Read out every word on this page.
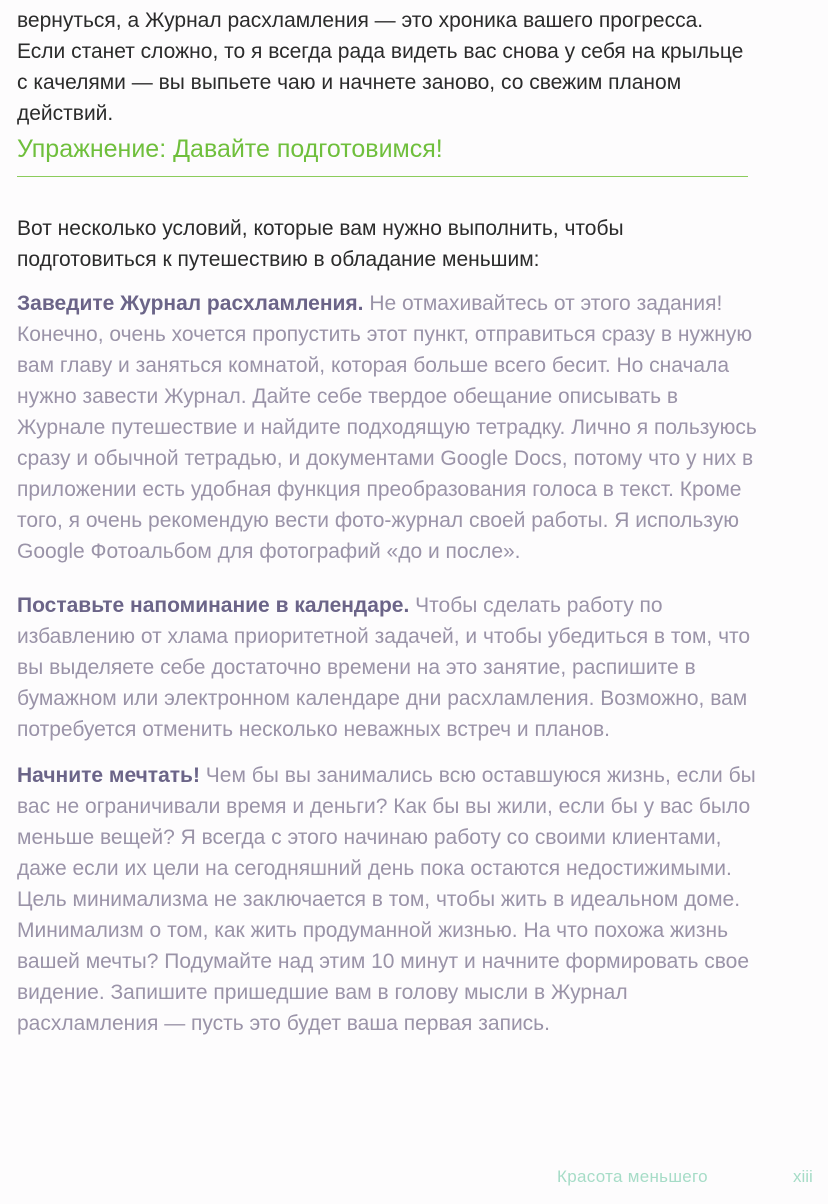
вернуться, а Журнал расхламления — это хроника вашего прогресса. Если станет сложно, то я всегда рада видеть вас снова у себя на крыльце с качелями — вы выпьете чаю и начнете заново, со свежим планом действий.

Упражнение: Давайте подготовимся!

Вот несколько условий, которые вам нужно выполнить, чтобы подготовиться к путешествию в обладание меньшим:

Заведите Журнал расхламления. Не отмахивайтесь от этого задания! Конечно, очень хочется пропустить этот пункт, отправиться сразу в нужную вам главу и заняться комнатой, которая больше всего бесит. Но сначала нужно завести Журнал. Дайте себе твердое обещание описывать в Журнале путешествие и найдите подходящую тетрадку. Лично я пользуюсь сразу и обычной тетрадью, и документами Google Docs, потому что у них в приложении есть удобная функция преобразования голоса в текст. Кроме того, я очень рекомендую вести фото-журнал своей работы. Я использую Google Фотоальбом для фотографий «до и после».

Поставьте напоминание в календаре. Чтобы сделать работу по избавлению от хлама приоритетной задачей, и чтобы убедиться в том, что вы выделяете себе достаточно времени на это занятие, распишите в бумажном или электронном календаре дни расхламления. Возможно, вам потребуется отменить несколько неважных встреч и планов.

Начните мечтать! Чем бы вы занимались всю оставшуюся жизнь, если бы вас не ограничивали время и деньги? Как бы вы жили, если бы у вас было меньше вещей? Я всегда с этого начинаю работу со своими клиентами, даже если их цели на сегодняшний день пока остаются недостижимыми. Цель минимализма не заключается в том, чтобы жить в идеальном доме. Минимализм о том, как жить продуманной жизнью. На что похожа жизнь вашей мечты? Подумайте над этим 10 минут и начните формировать свое видение. Запишите пришедшие вам в голову мысли в Журнал расхламления — пусть это будет ваша первая запись.

Красота меньшего	xiii
